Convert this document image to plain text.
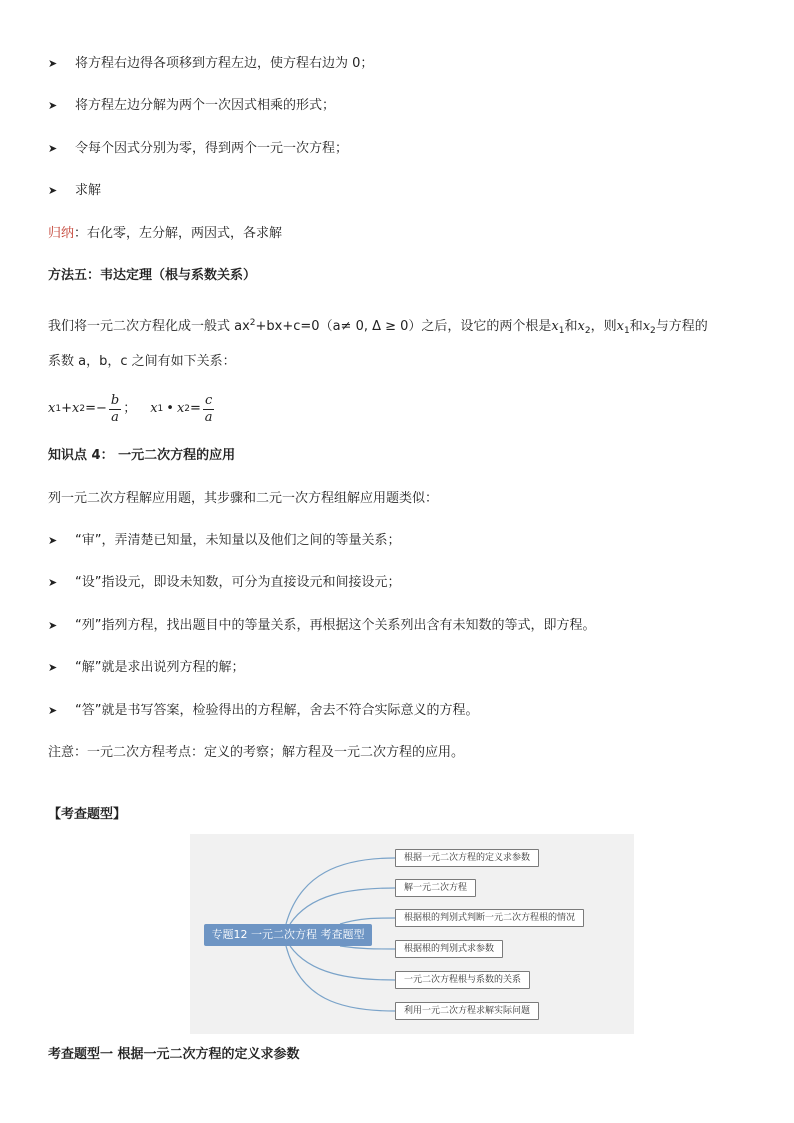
➤ 将方程右边得各项移到方程左边，使方程右边为 0；
➤ 将方程左边分解为两个一次因式相乘的形式；
➤ 令每个因式分别为零，得到两个一元一次方程；
➤ 求解
归纳：右化零，左分解，两因式，各求解
方法五：韦达定理（根与系数关系）
我们将一元二次方程化成一般式 $ax^2+bx+c=0(a\ne 0$, Δ ≥ 0）之后，设它的两个根是$x_1$和$x_2$，则$x_1$和$x_2$与方程的
系数 a，b，c 之间有如下关系：
x 1 + x $2 =- \frac{b}{a}$ ； x 1 • x $2 = \frac{c}{a}$
知识点 4： 一元二次方程的应用
列一元二次方程解应用题，其步骤和二元一次方程组解应用题类似：
➤ “审”，弄清楚已知量，未知量以及他们之间的等量关系；
➤ “设”指设元，即设未知数，可分为直接设元和间接设元；
➤ “列”指列方程，找出题目中的等量关系，再根据这个关系列出含有未知数的等式，即方程。
➤ “解”就是求出说列方程的解；
➤ “答”就是书写答案，检验得出的方程解，舍去不符合实际意义的方程。
注意：一元二次方程考点：定义的考察；解方程及一元二次方程的应用。
【考查题型】
专题12 一元二次方程 考查题型
根据一元二次方程的定义求参数
解一元二次方程
根据根的判别式判断一元二次方程根的情况
根据根的判别式求参数
一元二次方程根与系数的关系
利用一元二次方程求解实际问题
考查题型一 根据一元二次方程的定义求参数
